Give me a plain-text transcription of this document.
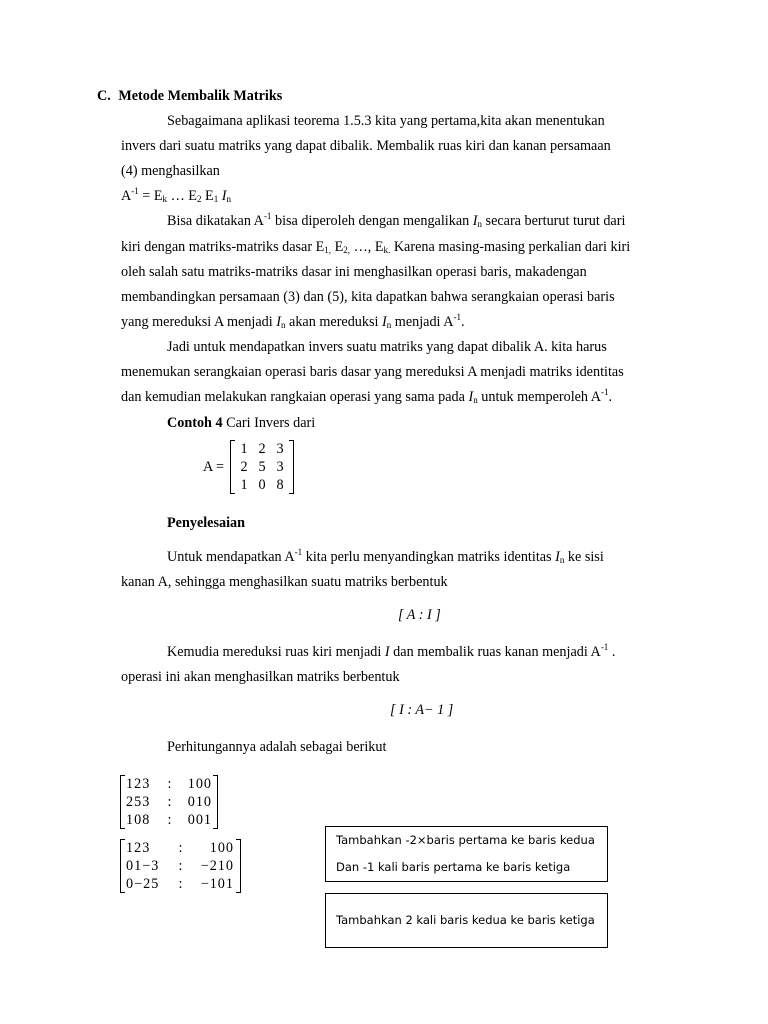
C. Metode Membalik Matriks
Sebagaimana aplikasi teorema 1.5.3 kita yang pertama,kita akan menentukan
invers dari suatu matriks yang dapat dibalik. Membalik ruas kiri dan kanan persamaan
(4) menghasilkan
$A^{-1} = E_k$ … $E_2$ $E_1$ $I_n$
Bisa dikatakan $A^{-1}$ bisa diperoleh dengan mengalikan $I_n$ secara berturut turut dari
kiri dengan matriks-matriks dasar $E_{1,}$ $E_{2,}$ …, $E_{k.}$ Karena masing-masing perkalian dari kiri
oleh salah satu matriks-matriks dasar ini menghasilkan operasi baris, makadengan
membandingkan persamaan (3) dan (5), kita dapatkan bahwa serangkaian operasi baris
yang mereduksi A menjadi $I_n$ akan mereduksi $I_n$ menjadi $A^{-1}$.
Jadi untuk mendapatkan invers suatu matriks yang dapat dibalik A. kita harus
menemukan serangkaian operasi baris dasar yang mereduksi A menjadi matriks identitas
dan kemudian melakukan rangkaian operasi yang sama pada $I_n$ untuk memperoleh $A^{-1}$.
Contoh 4 Cari Invers dari
A =
1 2 3
2 5 3
1 0 8
Penyelesaian
Untuk mendapatkan $A^{-1}$ kita perlu menyandingkan matriks identitas $I_n$ ke sisi
kanan A, sehingga menghasilkan suatu matriks berbentuk
[ A : I ]
Kemudia mereduksi ruas kiri menjadi I dan membalik ruas kanan menjadi $A^{-1}$ .
operasi ini akan menghasilkan matriks berbentuk
[ I : A− 1 ]
Perhitungannya adalah sebagai berikut
123 : 100
253 : 010
108 : 001
123 : 100
01−3 : −210
0−25 : −101
Tambahkan -2×baris pertama ke baris kedua
Dan -1 kali baris pertama ke baris ketiga
Tambahkan 2 kali baris kedua ke baris ketiga
